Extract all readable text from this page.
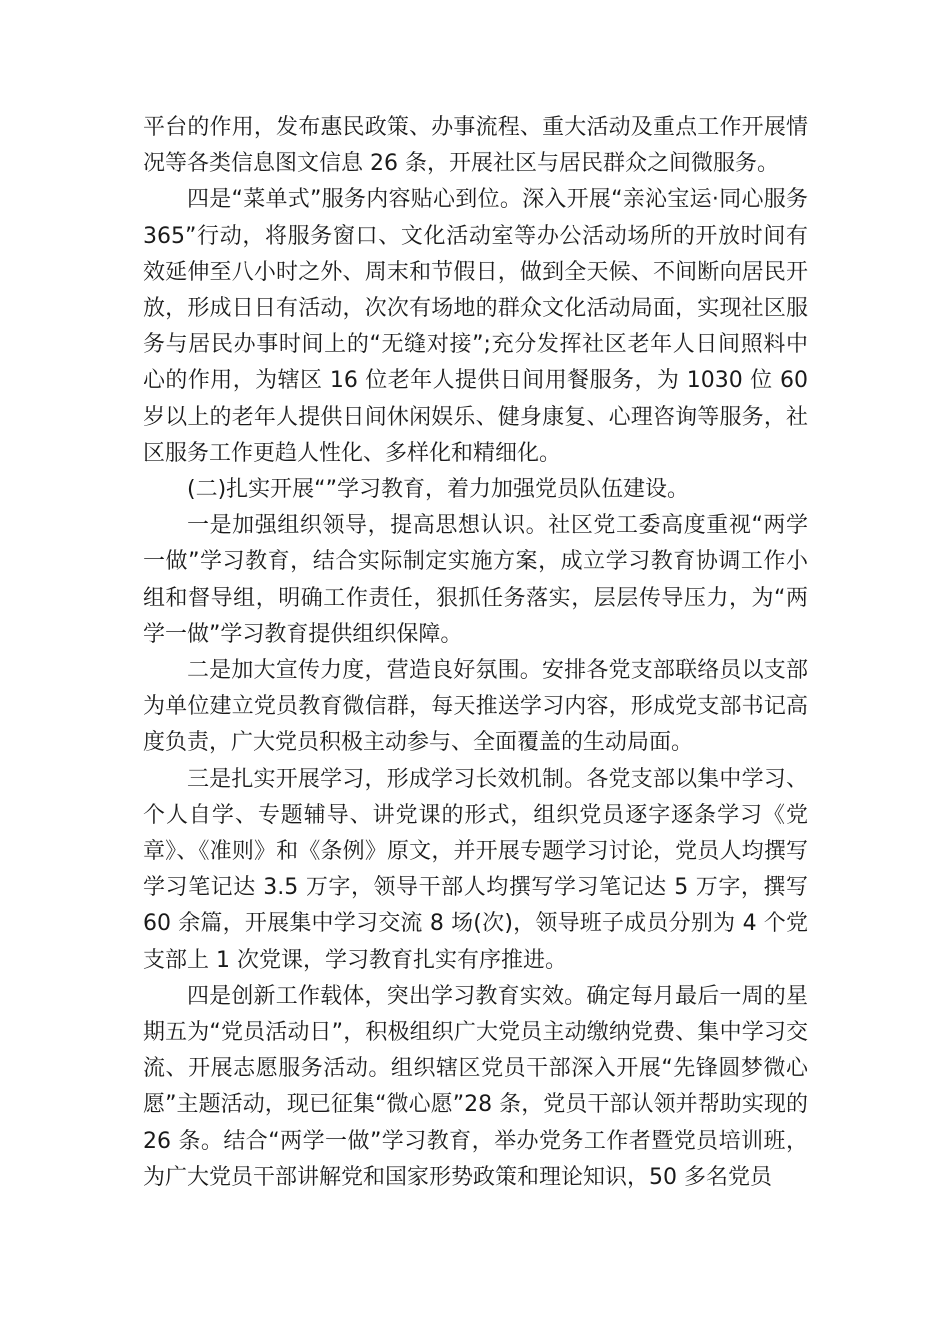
平台的作用，发布惠民政策、办事流程、重大活动及重点工作开展情况等各类信息图文信息 26 条，开展社区与居民群众之间微服务。

四是“菜单式”服务内容贴心到位。深入开展“亲沁宝运·同心服务 365”行动，将服务窗口、文化活动室等办公活动场所的开放时间有效延伸至八小时之外、周末和节假日，做到全天候、不间断向居民开放，形成日日有活动，次次有场地的群众文化活动局面，实现社区服务与居民办事时间上的“无缝对接”;充分发挥社区老年人日间照料中心的作用，为辖区 16 位老年人提供日间用餐服务，为 1030 位 60 岁以上的老年人提供日间休闲娱乐、健身康复、心理咨询等服务，社区服务工作更趋人性化、多样化和精细化。

(二)扎实开展“”学习教育，着力加强党员队伍建设。

一是加强组织领导，提高思想认识。社区党工委高度重视“两学一做”学习教育，结合实际制定实施方案，成立学习教育协调工作小组和督导组，明确工作责任，狠抓任务落实，层层传导压力，为“两学一做”学习教育提供组织保障。

二是加大宣传力度，营造良好氛围。安排各党支部联络员以支部为单位建立党员教育微信群，每天推送学习内容，形成党支部书记高度负责，广大党员积极主动参与、全面覆盖的生动局面。

三是扎实开展学习，形成学习长效机制。各党支部以集中学习、个人自学、专题辅导、讲党课的形式，组织党员逐字逐条学习《党章》、《准则》和《条例》原文，并开展专题学习讨论，党员人均撰写学习笔记达 3.5 万字，领导干部人均撰写学习笔记达 5 万字，撰写 60 余篇，开展集中学习交流 8 场(次)，领导班子成员分别为 4 个党支部上 1 次党课，学习教育扎实有序推进。

四是创新工作载体，突出学习教育实效。确定每月最后一周的星期五为“党员活动日”，积极组织广大党员主动缴纳党费、集中学习交流、开展志愿服务活动。组织辖区党员干部深入开展“先锋圆梦微心愿”主题活动，现已征集“微心愿”28 条，党员干部认领并帮助实现的 26 条。结合“两学一做”学习教育，举办党务工作者暨党员培训班，为广大党员干部讲解党和国家形势政策和理论知识，50 多名党员
